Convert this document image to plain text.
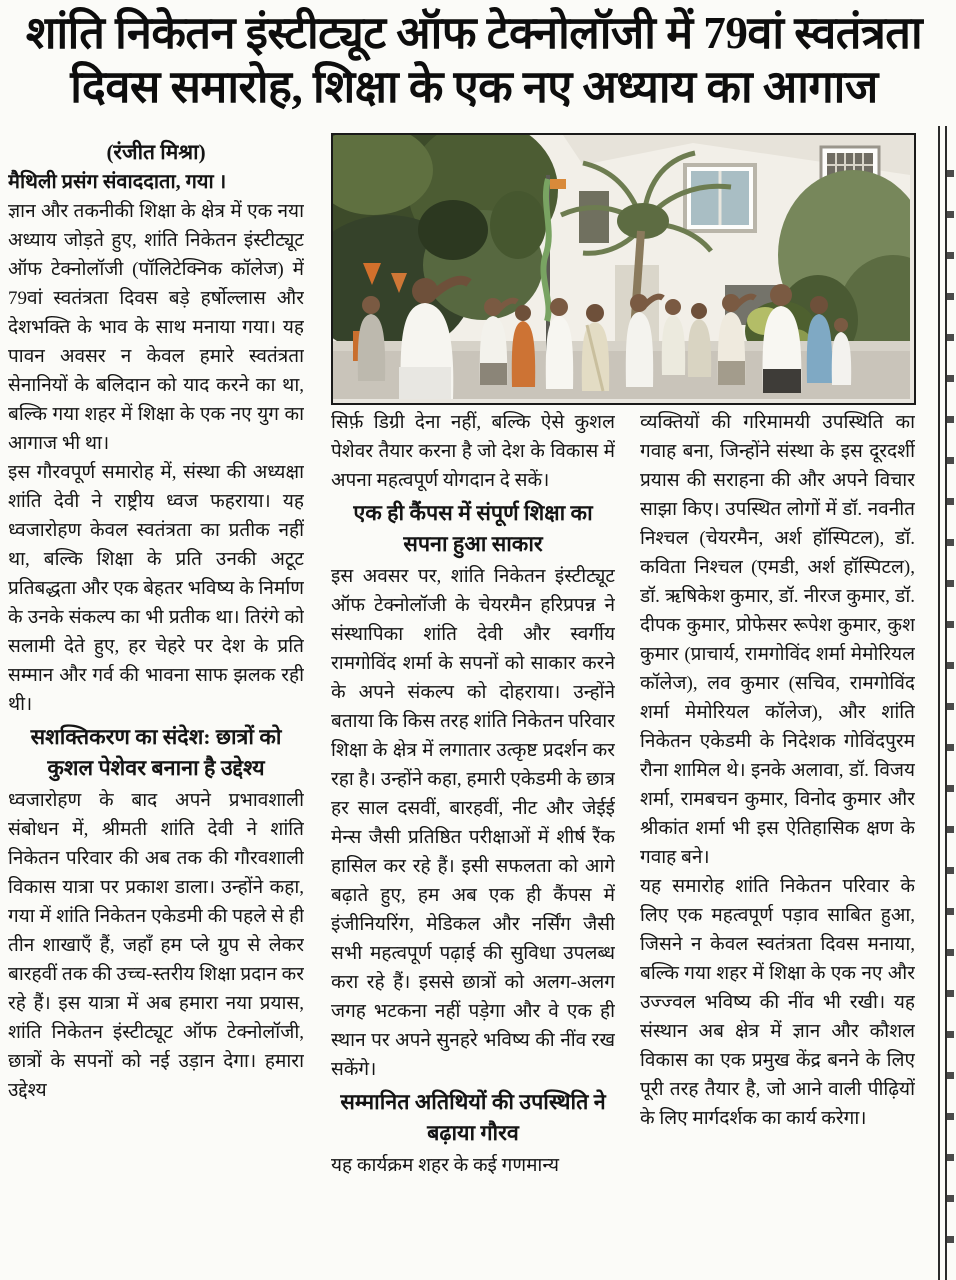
शांति निकेतन इंस्टीट्यूट ऑफ टेक्नोलॉजी में 79वां स्वतंत्रता
दिवस समारोह, शिक्षा के एक नए अध्याय का आगाज

(रंजीत मिश्रा)

मैथिली प्रसंग संवाददाता, गया ।

ज्ञान और तकनीकी शिक्षा के क्षेत्र में एक नया अध्याय जोड़ते हुए, शांति निकेतन इंस्टीट्यूट ऑफ टेक्नोलॉजी (पॉलिटेक्निक कॉलेज) में 79वां स्वतंत्रता दिवस बड़े हर्षोल्लास और देशभक्ति के भाव के साथ मनाया गया। यह पावन अवसर न केवल हमारे स्वतंत्रता सेनानियों के बलिदान को याद करने का था, बल्कि गया शहर में शिक्षा के एक नए युग का आगाज भी था।

इस गौरवपूर्ण समारोह में, संस्था की अध्यक्षा शांति देवी ने राष्ट्रीय ध्वज फहराया। यह ध्वजारोहण केवल स्वतंत्रता का प्रतीक नहीं था, बल्कि शिक्षा के प्रति उनकी अटूट प्रतिबद्धता और एक बेहतर भविष्य के निर्माण के उनके संकल्प का भी प्रतीक था। तिरंगे को सलामी देते हुए, हर चेहरे पर देश के प्रति सम्मान और गर्व की भावना साफ झलक रही थी।

सशक्तिकरण का संदेश: छात्रों को कुशल पेशेवर बनाना है उद्देश्य

ध्वजारोहण के बाद अपने प्रभावशाली संबोधन में, श्रीमती शांति देवी ने शांति निकेतन परिवार की अब तक की गौरवशाली विकास यात्रा पर प्रकाश डाला। उन्होंने कहा, गया में शांति निकेतन एकेडमी की पहले से ही तीन शाखाएँ हैं, जहाँ हम प्ले ग्रुप से लेकर बारहवीं तक की उच्च-स्तरीय शिक्षा प्रदान कर रहे हैं। इस यात्रा में अब हमारा नया प्रयास, शांति निकेतन इंस्टीट्यूट ऑफ टेक्नोलॉजी, छात्रों के सपनों को नई उड़ान देगा। हमारा उद्देश्य

सिर्फ़ डिग्री देना नहीं, बल्कि ऐसे कुशल पेशेवर तैयार करना है जो देश के विकास में अपना महत्वपूर्ण योगदान दे सकें।

एक ही कैंपस में संपूर्ण शिक्षा का सपना हुआ साकार

इस अवसर पर, शांति निकेतन इंस्टीट्यूट ऑफ टेक्नोलॉजी के चेयरमैन हरिप्रपन्न ने संस्थापिका शांति देवी और स्वर्गीय रामगोविंद शर्मा के सपनों को साकार करने के अपने संकल्प को दोहराया। उन्होंने बताया कि किस तरह शांति निकेतन परिवार शिक्षा के क्षेत्र में लगातार उत्कृष्ट प्रदर्शन कर रहा है। उन्होंने कहा, हमारी एकेडमी के छात्र हर साल दसवीं, बारहवीं, नीट और जेईई मेन्स जैसी प्रतिष्ठित परीक्षाओं में शीर्ष रैंक हासिल कर रहे हैं। इसी सफलता को आगे बढ़ाते हुए, हम अब एक ही कैंपस में इंजीनियरिंग, मेडिकल और नर्सिंग जैसी सभी महत्वपूर्ण पढ़ाई की सुविधा उपलब्ध करा रहे हैं। इससे छात्रों को अलग-अलग जगह भटकना नहीं पड़ेगा और वे एक ही स्थान पर अपने सुनहरे भविष्य की नींव रख सकेंगे।

सम्मानित अतिथियों की उपस्थिति ने बढ़ाया गौरव

यह कार्यक्रम शहर के कई गणमान्य

व्यक्तियों की गरिमामयी उपस्थिति का गवाह बना, जिन्होंने संस्था के इस दूरदर्शी प्रयास की सराहना की और अपने विचार साझा किए। उपस्थित लोगों में डॉ. नवनीत निश्चल (चेयरमैन, अर्श हॉस्पिटल), डॉ. कविता निश्चल (एमडी, अर्श हॉस्पिटल), डॉ. ऋषिकेश कुमार, डॉ. नीरज कुमार, डॉ. दीपक कुमार, प्रोफेसर रूपेश कुमार, कुश कुमार (प्राचार्य, रामगोविंद शर्मा मेमोरियल कॉलेज), लव कुमार (सचिव, रामगोविंद शर्मा मेमोरियल कॉलेज), और शांति निकेतन एकेडमी के निदेशक गोविंदपुरम रौना शामिल थे। इनके अलावा, डॉ. विजय शर्मा, रामबचन कुमार, विनोद कुमार और श्रीकांत शर्मा भी इस ऐतिहासिक क्षण के गवाह बने।

यह समारोह शांति निकेतन परिवार के लिए एक महत्वपूर्ण पड़ाव साबित हुआ, जिसने न केवल स्वतंत्रता दिवस मनाया, बल्कि गया शहर में शिक्षा के एक नए और उज्ज्वल भविष्य की नींव भी रखी। यह संस्थान अब क्षेत्र में ज्ञान और कौशल विकास का एक प्रमुख केंद्र बनने के लिए पूरी तरह तैयार है, जो आने वाली पीढ़ियों के लिए मार्गदर्शक का कार्य करेगा।
